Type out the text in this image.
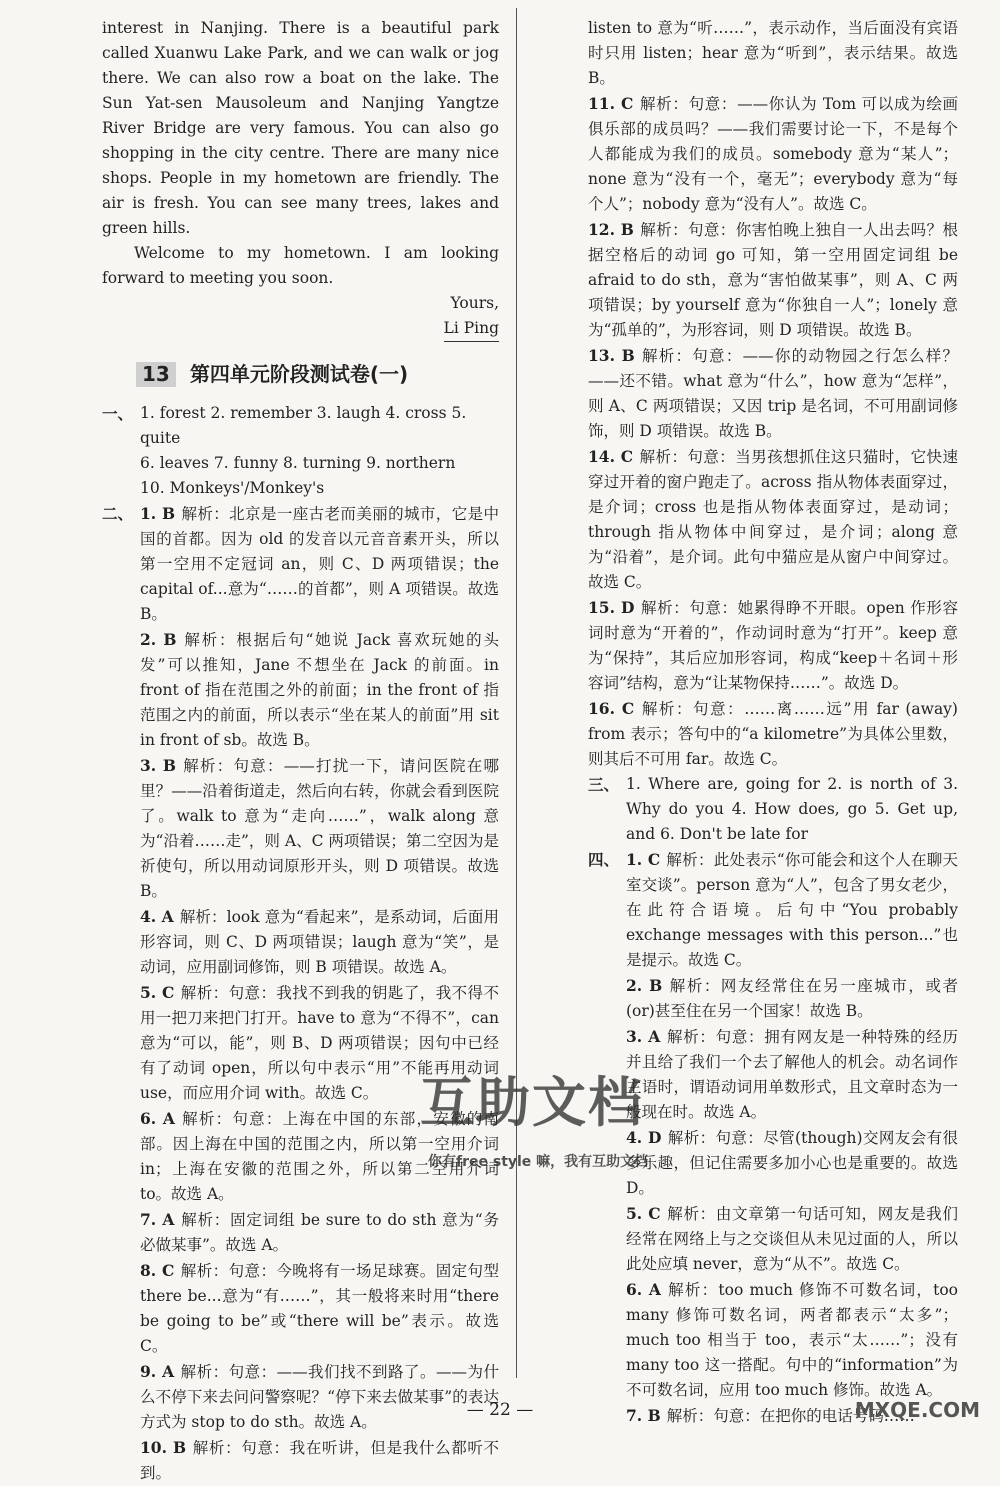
interest in Nanjing. There is a beautiful park called Xuanwu Lake Park, and we can walk or jog there. We can also row a boat on the lake. The Sun Yat-sen Mausoleum and Nanjing Yangtze River Bridge are very famous. You can also go shopping in the city centre. There are many nice shops. People in my hometown are friendly. The air is fresh. You can see many trees, lakes and green hills.

Welcome to my hometown. I am looking forward to meeting you soon.

Yours,

Li Ping

13 第四单元阶段测试卷(一)
一、 1. forest 2. remember 3. laugh 4. cross 5. quite

6. leaves 7. funny 8. turning 9. northern

10. Monkeys'/Monkey's

二、 1. B 解析：北京是一座古老而美丽的城市，它是中国的首都。因为 old 的发音以元音音素开头，所以第一空用不定冠词 an，则 C、D 两项错误；the capital of...意为“……的首都”，则 A 项错误。故选 B。

2. B 解析：根据后句“她说 Jack 喜欢玩她的头发”可以推知，Jane 不想坐在 Jack 的前面。in front of 指在范围之外的前面；in the front of 指范围之内的前面，所以表示“坐在某人的前面”用 sit in front of sb。故选 B。

3. B 解析：句意：——打扰一下，请问医院在哪里？——沿着街道走，然后向右转，你就会看到医院了。walk to 意为“走向……”，walk along 意为“沿着……走”，则 A、C 两项错误；第二空因为是祈使句，所以用动词原形开头，则 D 项错误。故选 B。

4. A 解析：look 意为“看起来”，是系动词，后面用形容词，则 C、D 两项错误；laugh 意为“笑”，是动词，应用副词修饰，则 B 项错误。故选 A。

5. C 解析：句意：我找不到我的钥匙了，我不得不用一把刀来把门打开。have to 意为“不得不”，can 意为“可以，能”，则 B、D 两项错误；因句中已经有了动词 open，所以句中表示“用”不能再用动词 use，而应用介词 with。故选 C。

6. A 解析：句意：上海在中国的东部，安徽的南部。因上海在中国的范围之内，所以第一空用介词 in；上海在安徽的范围之外，所以第二空用介词 to。故选 A。

7. A 解析：固定词组 be sure to do sth 意为“务必做某事”。故选 A。

8. C 解析：句意：今晚将有一场足球赛。固定句型 there be...意为“有……”，其一般将来时用“there be going to be”或“there will be”表示。故选 C。

9. A 解析：句意：——我们找不到路了。——为什么不停下来去问问警察呢？“停下来去做某事”的表达方式为 stop to do sth。故选 A。

10. B 解析：句意：我在听讲，但是我什么都听不到。

listen to 意为“听……”，表示动作，当后面没有宾语时只用 listen；hear 意为“听到”，表示结果。故选 B。

11. C 解析：句意：——你认为 Tom 可以成为绘画俱乐部的成员吗？——我们需要讨论一下，不是每个人都能成为我们的成员。somebody 意为“某人”；none 意为“没有一个，毫无”；everybody 意为“每个人”；nobody 意为“没有人”。故选 C。

12. B 解析：句意：你害怕晚上独自一人出去吗？根据空格后的动词 go 可知，第一空用固定词组 be afraid to do sth，意为“害怕做某事”，则 A、C 两项错误；by yourself 意为“你独自一人”；lonely 意为“孤单的”，为形容词，则 D 项错误。故选 B。

13. B 解析：句意：——你的动物园之行怎么样？——还不错。what 意为“什么”，how 意为“怎样”，则 A、C 两项错误；又因 trip 是名词，不可用副词修饰，则 D 项错误。故选 B。

14. C 解析：句意：当男孩想抓住这只猫时，它快速穿过开着的窗户跑走了。across 指从物体表面穿过，是介词；cross 也是指从物体表面穿过，是动词；through 指从物体中间穿过，是介词；along 意为“沿着”，是介词。此句中猫应是从窗户中间穿过。故选 C。

15. D 解析：句意：她累得睁不开眼。open 作形容词时意为“开着的”，作动词时意为“打开”。keep 意为“保持”，其后应加形容词，构成“keep＋名词＋形容词”结构，意为“让某物保持……”。故选 D。

16. C 解析：句意：……离……远”用 far (away) from 表示；答句中的“a kilometre”为具体公里数，则其后不可用 far。故选 C。

三、 1. Where are, going for 2. is north of 3. Why do you 4. How does, go 5. Get up, and 6. Don't be late for

四、 1. C 解析：此处表示“你可能会和这个人在聊天室交谈”。person 意为“人”，包含了男女老少，在此符合语境。后句中“You probably exchange messages with this person...”也是提示。故选 C。

2. B 解析：网友经常住在另一座城市，或者(or)甚至住在另一个国家！故选 B。

3. A 解析：句意：拥有网友是一种特殊的经历并且给了我们一个去了解他人的机会。动名词作主语时，谓语动词用单数形式，且文章时态为一般现在时。故选 A。

4. D 解析：句意：尽管(though)交网友会有很多乐趣，但记住需要多加小心也是重要的。故选 D。

5. C 解析：由文章第一句话可知，网友是我们经常在网络上与之交谈但从未见过面的人，所以此处应填 never，意为“从不”。故选 C。

6. A 解析：too much 修饰不可数名词，too many 修饰可数名词，两者都表示“太多”；much too 相当于 too，表示“太……”；没有 many too 这一搭配。句中的“information”为不可数名词，应用 too much 修饰。故选 A。

7. B 解析：句意：在把你的电话号码……

互助文档
你有free style 嘛，我有互助文档
— 22 —	MXQE.COM
